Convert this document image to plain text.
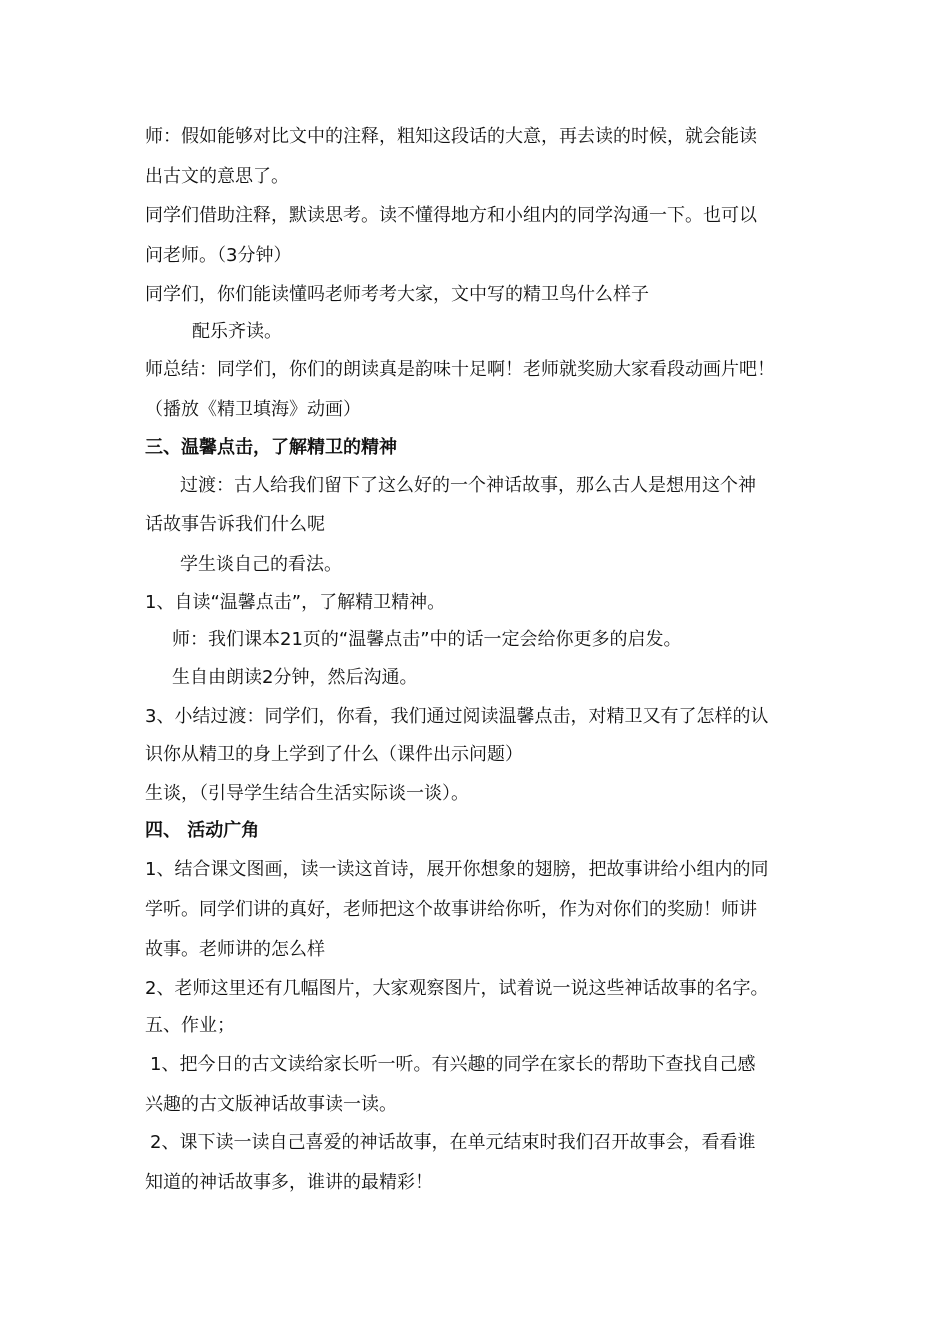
师：假如能够对比文中的注释，粗知这段话的大意，再去读的时候，就会能读
出古文的意思了。
同学们借助注释，默读思考。读不懂得地方和小组内的同学沟通一下。也可以
问老师。（3分钟）
同学们，你们能读懂吗老师考考大家，文中写的精卫鸟什么样子
配乐齐读。
师总结：同学们，你们的朗读真是韵味十足啊！老师就奖励大家看段动画片吧！
（播放《精卫填海》动画）
三、温馨点击，了解精卫的精神
过渡：古人给我们留下了这么好的一个神话故事，那么古人是想用这个神
话故事告诉我们什么呢
学生谈自己的看法。
1、自读“温馨点击”，了解精卫精神。
师：我们课本21页的“温馨点击”中的话一定会给你更多的启发。
生自由朗读2分钟，然后沟通。
3、小结过渡：同学们，你看，我们通过阅读温馨点击，对精卫又有了怎样的认
识你从精卫的身上学到了什么（课件出示问题）
生谈，（引导学生结合生活实际谈一谈）。
四、 活动广角
1、结合课文图画，读一读这首诗，展开你想象的翅膀，把故事讲给小组内的同
学听。同学们讲的真好，老师把这个故事讲给你听，作为对你们的奖励！师讲
故事。老师讲的怎么样
2、老师这里还有几幅图片，大家观察图片，试着说一说这些神话故事的名字。
五、作业；
1、把今日的古文读给家长听一听。有兴趣的同学在家长的帮助下查找自己感
兴趣的古文版神话故事读一读。
2、课下读一读自己喜爱的神话故事，在单元结束时我们召开故事会，看看谁
知道的神话故事多，谁讲的最精彩！
